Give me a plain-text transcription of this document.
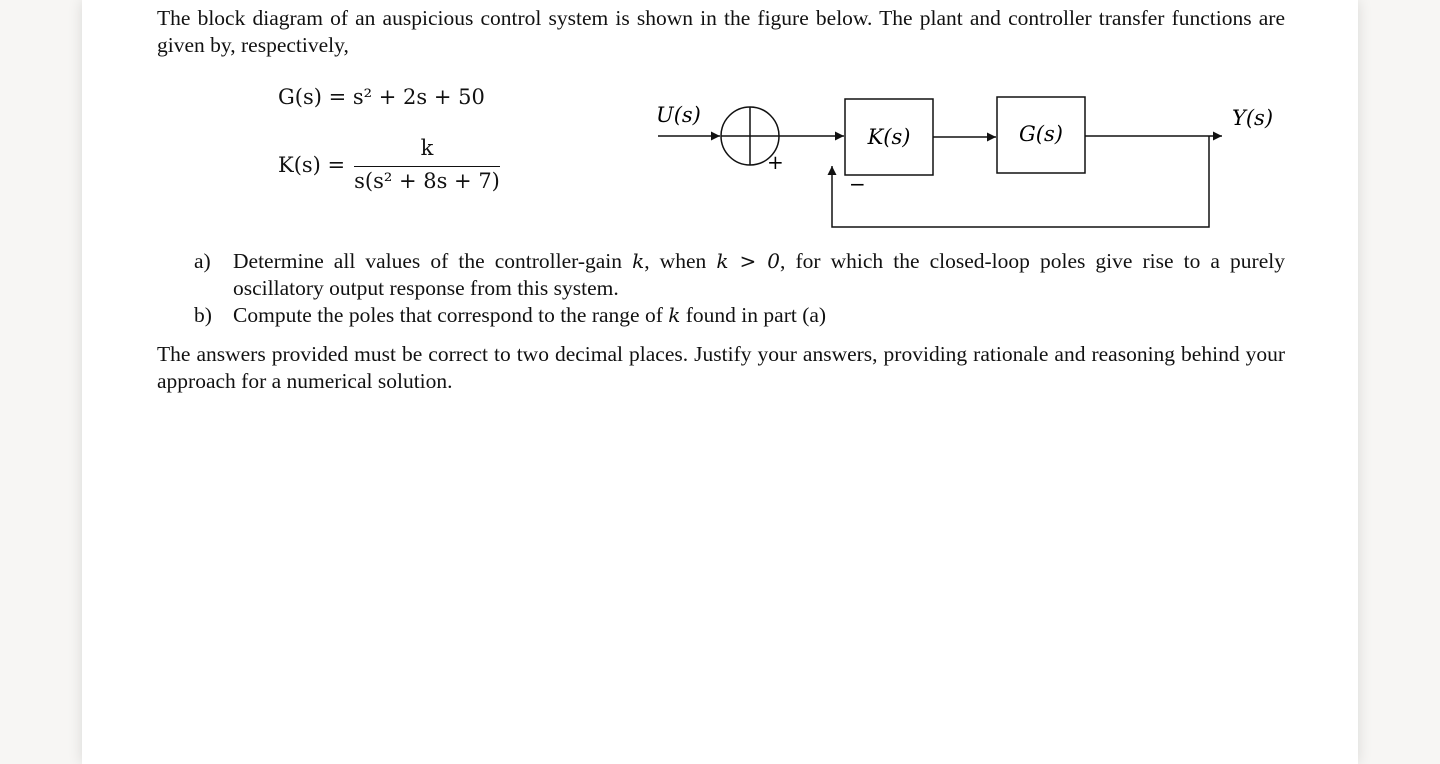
The block diagram of an auspicious control system is shown in the figure below. The plant and controller transfer functions are given by, respectively,

G(s) = s² + 2s + 50
K(s) =
k
s(s² + 8s + 7)
K(s)	G(s)
U(s)	Y(s)
+
−
a) Determine all values of the controller-gain k, when k > 0, for which the closed-loop poles give rise to a purely oscillatory output response from this system.
b) Compute the poles that correspond to the range of k found in part (a)

The answers provided must be correct to two decimal places. Justify your answers, providing rationale and reasoning behind your approach for a numerical solution.
